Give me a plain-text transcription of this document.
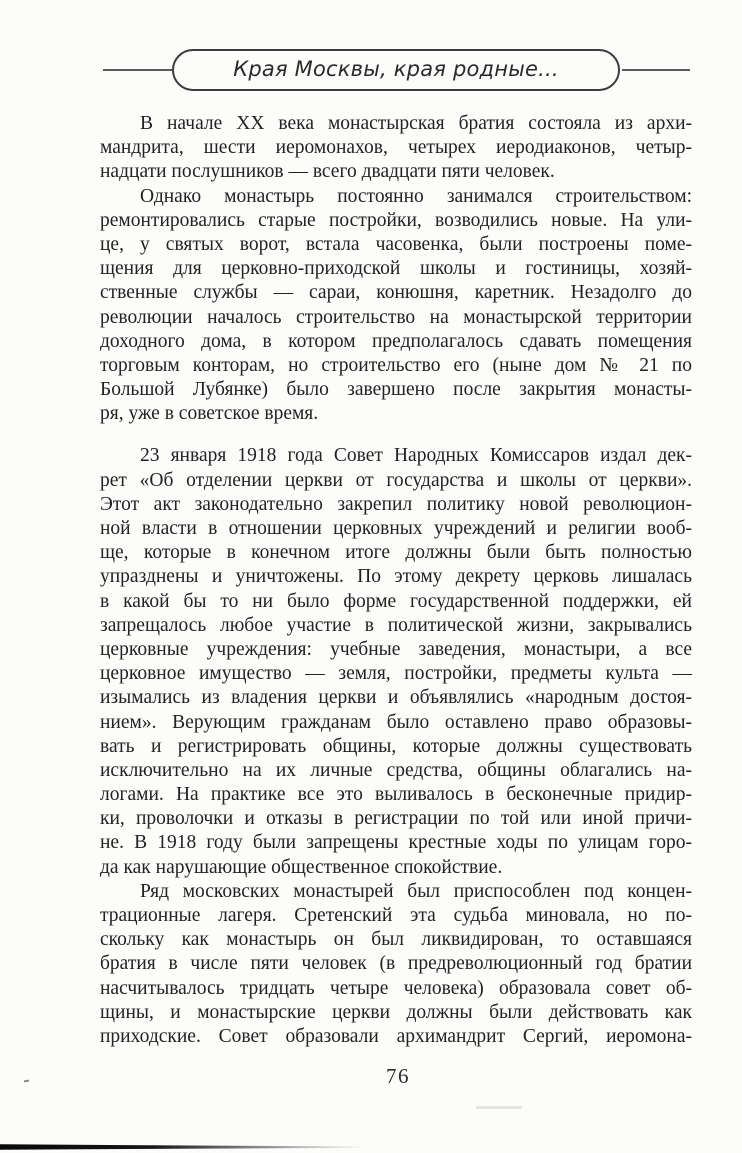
Края Москвы, края родные...
В начале XX века монастырская братия состояла из архи-
мандрита, шести иеромонахов, четырех иеродиаконов, четыр-
надцати послушников — всего двадцати пяти человек.
Однако монастырь постоянно занимался строительством:
ремонтировались старые постройки, возводились новые. На ули-
це, у святых ворот, встала часовенка, были построены поме-
щения для церковно-приходской школы и гостиницы, хозяй-
ственные службы — сараи, конюшня, каретник. Незадолго до
революции началось строительство на монастырской территории
доходного дома, в котором предполагалось сдавать помещения
торговым конторам, но строительство его (ныне дом № 21 по
Большой Лубянке) было завершено после закрытия монасты-
ря, уже в советское время.
23 января 1918 года Совет Народных Комиссаров издал дек-
рет «Об отделении церкви от государства и школы от церкви».
Этот акт законодательно закрепил политику новой революцион-
ной власти в отношении церковных учреждений и религии вооб-
ще, которые в конечном итоге должны были быть полностью
упразднены и уничтожены. По этому декрету церковь лишалась
в какой бы то ни было форме государственной поддержки, ей
запрещалось любое участие в политической жизни, закрывались
церковные учреждения: учебные заведения, монастыри, а все
церковное имущество — земля, постройки, предметы культа —
изымались из владения церкви и объявлялись «народным достоя-
нием». Верующим гражданам было оставлено право образовы-
вать и регистрировать общины, которые должны существовать
исключительно на их личные средства, общины облагались на-
логами. На практике все это выливалось в бесконечные придир-
ки, проволочки и отказы в регистрации по той или иной причи-
не. В 1918 году были запрещены крестные ходы по улицам горо-
да как нарушающие общественное спокойствие.
Ряд московских монастырей был приспособлен под концен-
трационные лагеря. Сретенский эта судьба миновала, но по-
скольку как монастырь он был ликвидирован, то оставшаяся
братия в числе пяти человек (в предреволюционный год братии
насчитывалось тридцать четыре человека) образовала совет об-
щины, и монастырские церкви должны были действовать как
приходские. Совет образовали архимандрит Сергий, иеромона-
76
